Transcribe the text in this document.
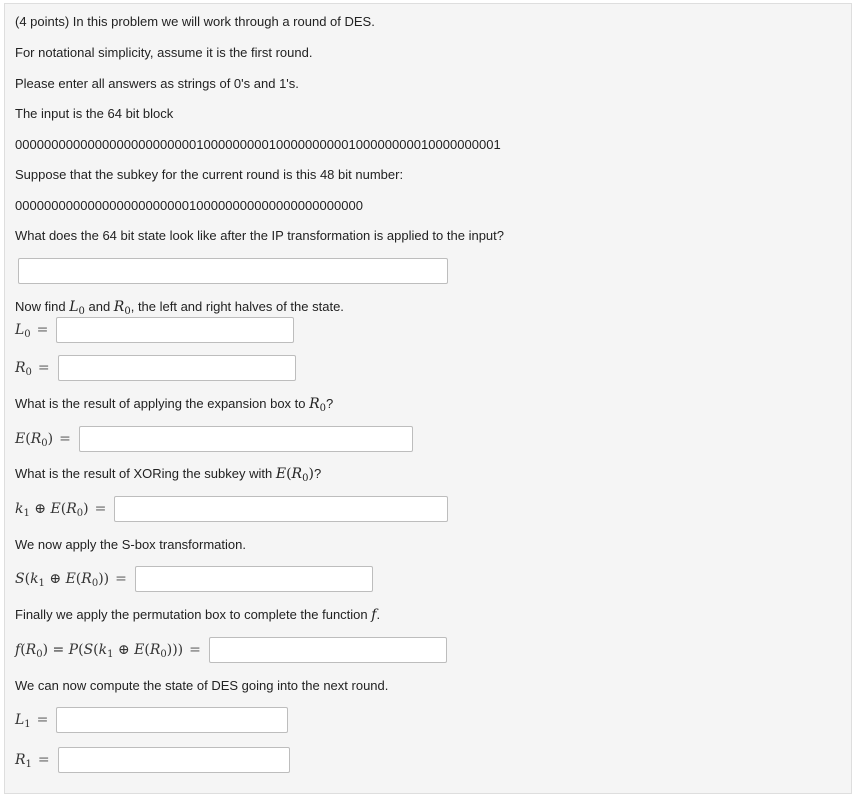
(4 points) In this problem we will work through a round of DES.
For notational simplicity, assume it is the first round.
Please enter all answers as strings of 0's and 1's.
The input is the 64 bit block
0000000000000000000000000100000000010000000000100000000010000000001
Suppose that the subkey for the current round is this 48 bit number:
000000000000000000000000100000000000000000000000
What does the 64 bit state look like after the IP transformation is applied to the input?
Now find $L_0$ and $R_0$, the left and right halves of the state.
$L_0$ =
$R_0$ =
What is the result of applying the expansion box to $R_0$?
$E(R_0)$ =
What is the result of XORing the subkey with $E(R_0)$?
$k_1$ ⊕ $E(R_0)$ =
We now apply the S-box transformation.
$S(k_1$ ⊕ $E(R_0)$) =
Finally we apply the permutation box to complete the function f.
$f(R_0) = P(S(k_1$ ⊕ $E(R_0)$)) =
We can now compute the state of DES going into the next round.
$L_1$ =
$R_1$ =
